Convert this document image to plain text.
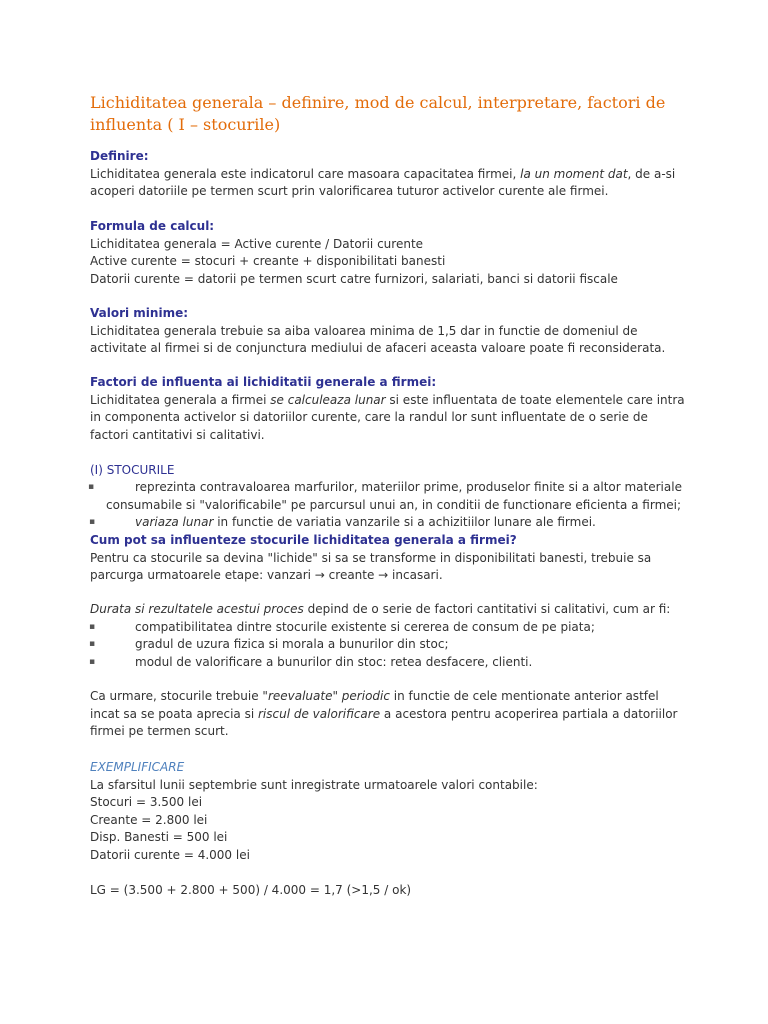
Lichiditatea generala – definire, mod de calcul, interpretare, factori de influenta ( I – stocurile)
Definire:

Lichiditatea generala este indicatorul care masoara capacitatea firmei, la un moment dat, de a-si acoperi datoriile pe termen scurt prin valorificarea tuturor activelor curente ale firmei.

Formula de calcul:

Lichiditatea generala = Active curente / Datorii curente

Active curente = stocuri + creante + disponibilitati banesti

Datorii curente = datorii pe termen scurt catre furnizori, salariati, banci si datorii fiscale

Valori minime:

Lichiditatea generala trebuie sa aiba valoarea minima de 1,5 dar in functie de domeniul de activitate al firmei si de conjunctura mediului de afaceri aceasta valoare poate fi reconsiderata.

Factori de influenta ai lichiditatii generale a firmei:

Lichiditatea generala a firmei se calculeaza lunar si este influentata de toate elementele care intra in componenta activelor si datoriilor curente, care la randul lor sunt influentate de o serie de factori cantitativi si calitativi.

(I) STOCURILE

▪	reprezinta contravaloarea marfurilor, materiilor prime, produselor finite si a altor materiale consumabile si "valorificabile" pe parcursul unui an, in conditii de functionare eficienta a firmei;

▪	variaza lunar in functie de variatia vanzarile si a achizitiilor lunare ale firmei.

Cum pot sa influenteze stocurile lichiditatea generala a firmei?

Pentru ca stocurile sa devina "lichide" si sa se transforme in disponibilitati banesti, trebuie sa parcurga urmatoarele etape: vanzari → creante → incasari.

Durata si rezultatele acestui proces depind de o serie de factori cantitativi si calitativi, cum ar fi:

▪	compatibilitatea dintre stocurile existente si cererea de consum de pe piata;

▪	gradul de uzura fizica si morala a bunurilor din stoc;

▪	modul de valorificare a bunurilor din stoc: retea desfacere, clienti.

Ca urmare, stocurile trebuie "reevaluate" periodic in functie de cele mentionate anterior astfel incat sa se poata aprecia si riscul de valorificare a acestora pentru acoperirea partiala a datoriilor firmei pe termen scurt.

EXEMPLIFICARE

La sfarsitul lunii septembrie sunt inregistrate urmatoarele valori contabile:

Stocuri = 3.500 lei

Creante = 2.800 lei

Disp. Banesti = 500 lei

Datorii curente = 4.000 lei

LG = (3.500 + 2.800 + 500) / 4.000 = 1,7 (>1,5 / ok)
